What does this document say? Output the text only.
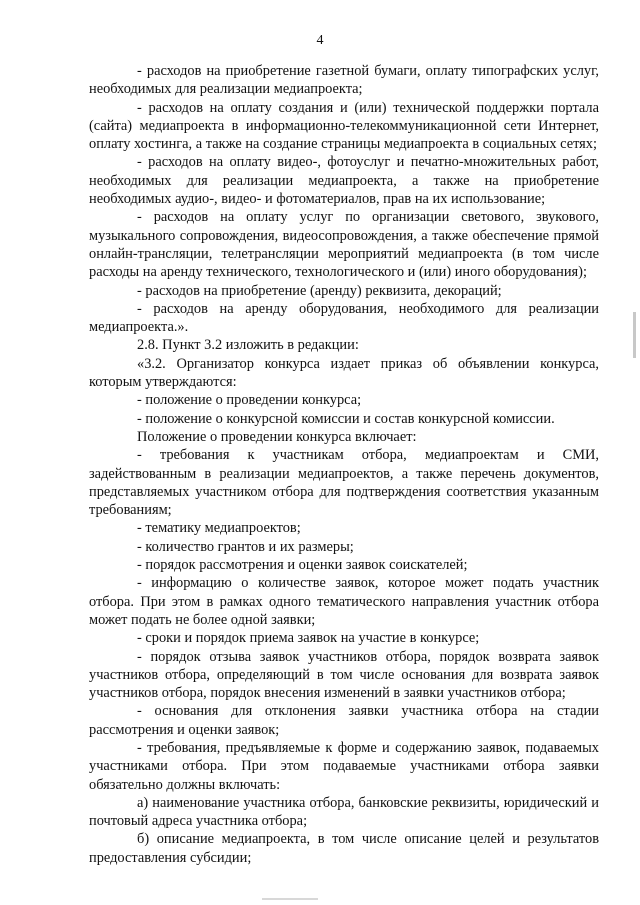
4

- расходов на приобретение газетной бумаги, оплату типографских услуг, необходимых для реализации медиапроекта;

- расходов на оплату создания и (или) технической поддержки портала (сайта) медиапроекта в информационно-телекоммуникационной сети Интернет, оплату хостинга, а также на создание страницы медиапроекта в социальных сетях;

- расходов на оплату видео-, фотоуслуг и печатно-множительных работ, необходимых для реализации медиапроекта, а также на приобретение необходимых аудио-, видео- и фотоматериалов, прав на их использование;

- расходов на оплату услуг по организации светового, звукового, музыкального сопровождения, видеосопровождения, а также обеспечение прямой онлайн-трансляции, телетрансляции мероприятий медиапроекта (в том числе расходы на аренду технического, технологического и (или) иного оборудования);

- расходов на приобретение (аренду) реквизита, декораций;

- расходов на аренду оборудования, необходимого для реализации медиапроекта.».

2.8. Пункт 3.2 изложить в редакции:

«3.2. Организатор конкурса издает приказ об объявлении конкурса, которым утверждаются:

- положение о проведении конкурса;

- положение о конкурсной комиссии и состав конкурсной комиссии.

Положение о проведении конкурса включает:

- требования к участникам отбора, медиапроектам и СМИ, задействованным в реализации медиапроектов, а также перечень документов, представляемых участником отбора для подтверждения соответствия указанным требованиям;

- тематику медиапроектов;

- количество грантов и их размеры;

- порядок рассмотрения и оценки заявок соискателей;

- информацию о количестве заявок, которое может подать участник отбора. При этом в рамках одного тематического направления участник отбора может подать не более одной заявки;

- сроки и порядок приема заявок на участие в конкурсе;

- порядок отзыва заявок участников отбора, порядок возврата заявок участников отбора, определяющий в том числе основания для возврата заявок участников отбора, порядок внесения изменений в заявки участников отбора;

- основания для отклонения заявки участника отбора на стадии рассмотрения и оценки заявок;

- требования, предъявляемые к форме и содержанию заявок, подаваемых участниками отбора. При этом подаваемые участниками отбора заявки обязательно должны включать:

а) наименование участника отбора, банковские реквизиты, юридический и почтовый адреса участника отбора;

б) описание медиапроекта, в том числе описание целей и результатов предоставления субсидии;
